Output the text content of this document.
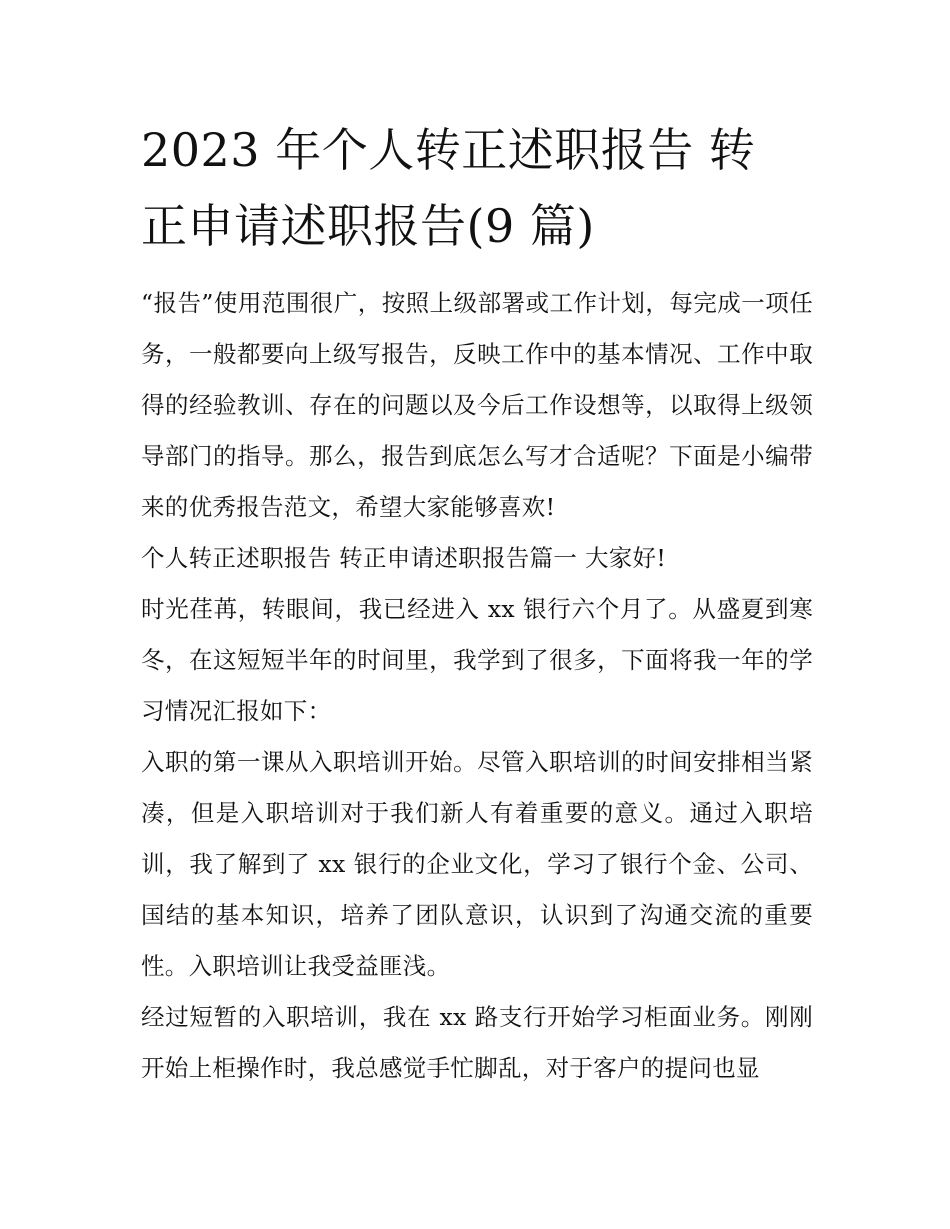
2023 年个人转正述职报告 转
正申请述职报告(9 篇)

“报告”使用范围很广，按照上级部署或工作计划，每完成一项任务，一般都要向上级写报告，反映工作中的基本情况、工作中取得的经验教训、存在的问题以及今后工作设想等，以取得上级领导部门的指导。那么，报告到底怎么写才合适呢？下面是小编带来的优秀报告范文，希望大家能够喜欢!

个人转正述职报告 转正申请述职报告篇一 大家好!

时光荏苒，转眼间，我已经进入 xx 银行六个月了。从盛夏到寒冬，在这短短半年的时间里，我学到了很多，下面将我一年的学习情况汇报如下：

入职的第一课从入职培训开始。尽管入职培训的时间安排相当紧凑，但是入职培训对于我们新人有着重要的意义。通过入职培训，我了解到了 xx 银行的企业文化，学习了银行个金、公司、国结的基本知识，培养了团队意识，认识到了沟通交流的重要性。入职培训让我受益匪浅。

经过短暂的入职培训，我在 xx 路支行开始学习柜面业务。刚刚开始上柜操作时，我总感觉手忙脚乱，对于客户的提问也显
